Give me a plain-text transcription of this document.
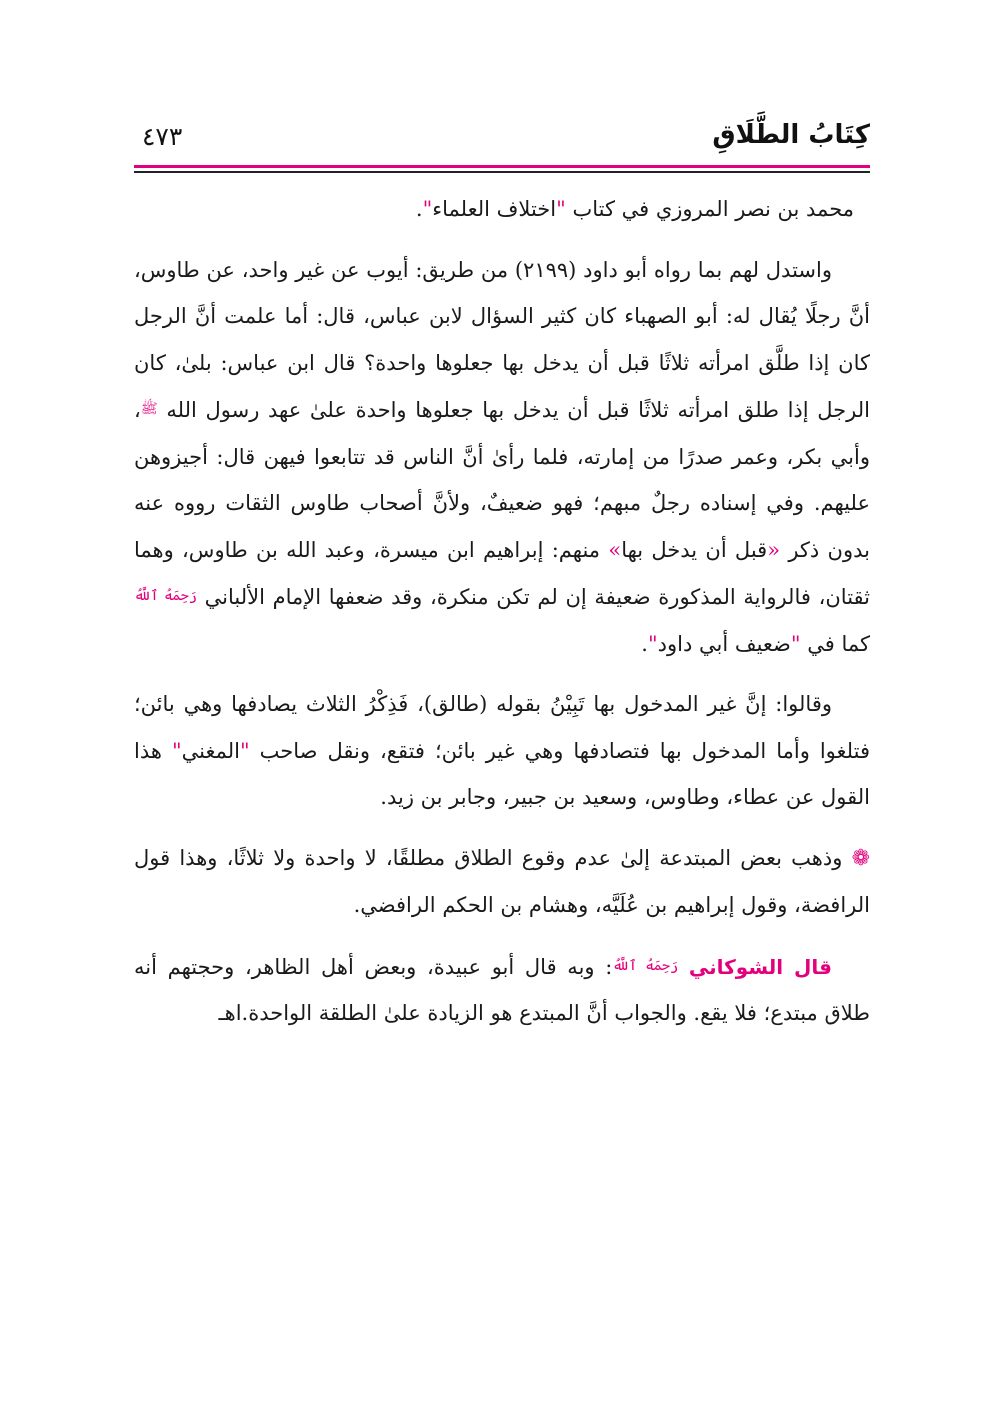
كِتَابُ الطَّلَاقِ
٤٧٣

محمد بن نصر المروزي في كتاب "اختلاف العلماء".

واستدل لهم بما رواه أبو داود (٢١٩٩) من طريق: أيوب عن غير واحد، عن طاوس، أنَّ رجلًا يُقال له: أبو الصهباء كان كثير السؤال لابن عباس، قال: أما علمت أنَّ الرجل كان إذا طلَّق امرأته ثلاثًا قبل أن يدخل بها جعلوها واحدة؟ قال ابن عباس: بلىٰ، كان الرجل إذا طلق امرأته ثلاثًا قبل أن يدخل بها جعلوها واحدة علىٰ عهد رسول الله ﷺ، وأبي بكر، وعمر صدرًا من إمارته، فلما رأىٰ أنَّ الناس قد تتابعوا فيهن قال: أجيزوهن عليهم. وفي إسناده رجلٌ مبهم؛ فهو ضعيفٌ، ولأنَّ أصحاب طاوس الثقات رووه عنه بدون ذكر «قبل أن يدخل بها» منهم: إبراهيم ابن ميسرة، وعبد الله بن طاوس، وهما ثقتان، فالرواية المذكورة ضعيفة إن لم تكن منكرة، وقد ضعفها الإمام الألباني رَحِمَهُ ٱللَّهُ كما في "ضعيف أبي داود".

وقالوا: إنَّ غير المدخول بها تَبِيْنُ بقوله (طالق)، فَذِكْرُ الثلاث يصادفها وهي بائن؛ فتلغوا وأما المدخول بها فتصادفها وهي غير بائن؛ فتقع، ونقل صاحب "المغني" هذا القول عن عطاء، وطاوس، وسعيد بن جبير، وجابر بن زيد.

❁ وذهب بعض المبتدعة إلىٰ عدم وقوع الطلاق مطلقًا، لا واحدة ولا ثلاثًا، وهذا قول الرافضة، وقول إبراهيم بن عُلَيَّه، وهشام بن الحكم الرافضي.

قال الشوكاني رَحِمَهُ ٱللَّهُ: وبه قال أبو عبيدة، وبعض أهل الظاهر، وحجتهم أنه طلاق مبتدع؛ فلا يقع. والجواب أنَّ المبتدع هو الزيادة علىٰ الطلقة الواحدة.اهـ
